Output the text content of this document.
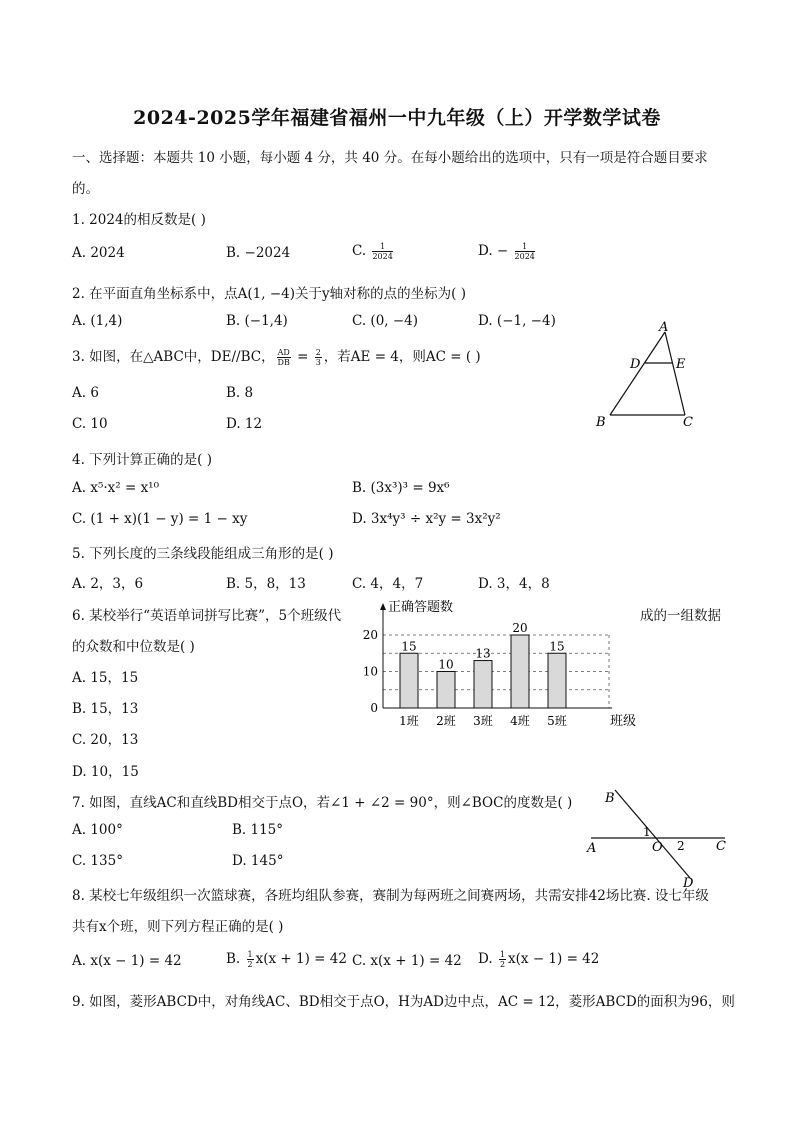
2024-2025学年福建省福州一中九年级（上）开学数学试卷
一、选择题：本题共 10 小题，每小题 4 分，共 40 分。在每小题给出的选项中，只有一项是符合题目要求
的。
1. 2024的相反数是( )
A. 2024	B. −2024	C. $\frac{1}{2024}$	D. − $\frac{1}{2024}$
2. 在平面直角坐标系中，点A(1, −4)关于y轴对称的点的坐标为( )
A. (1,4)	B. (−1,4)	C. (0, −4)	D. (−1, −4)
3. 如图，在△ABC中，DE//BC， $\frac{AD}{DB} = \frac{2}{3}$ ，若AE = 4，则AC = ( )
A. 6	B. 8
C. 10	D. 12
A
D	E
B	C
4. 下列计算正确的是( )
A. x⁵·x² = x¹⁰	B. (3x³)³ = 9x⁶
C. (1 + x)(1 − y) = 1 − xy	D. 3x⁴y³ ÷ x²y = 3x²y²
5. 下列长度的三条线段能组成三角形的是( )
A. 2，3，6	B. 5，8，13	C. 4，4，7	D. 3，4，8
6. 某校举行“英语单词拼写比赛”，5个班级代	成的一组数据
的众数和中位数是( )
A. 15，15
B. 15，13
C. 20，13
D. 10，15
正确答题数
班级
0
10
20
15
1班
10
2班
13
3班
20
4班
15
5班
7. 如图，直线AC和直线BD相交于点O，若∠1 + ∠2 = 90°，则∠BOC的度数是( )
A. 100°	B. 115°
C. 135°	D. 145°
B
1
O 2
A	C
D
8. 某校七年级组织一次篮球赛，各班均组队参赛，赛制为每两班之间赛两场，共需安排42场比赛. 设七年级
共有x个班，则下列方程正确的是( )
A. x(x − 1) = 42	B. $\frac{1}{2} x(x + 1) = 42$ C. x(x + 1) = 42 D. $\frac{1}{2} x(x - 1) = 42$
9. 如图，菱形ABCD中，对角线AC、BD相交于点O，H为AD边中点，AC = 12，菱形ABCD的面积为96，则
